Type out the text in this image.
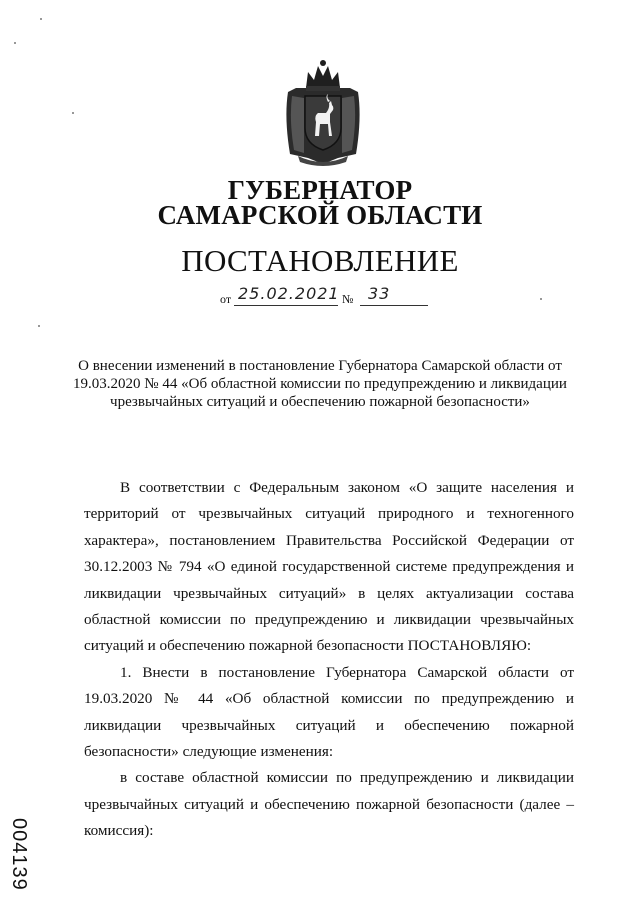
ГУБЕРНАТОР
САМАРСКОЙ ОБЛАСТИ
ПОСТАНОВЛЕНИЕ
от 25.02.2021 № 33
О внесении изменений в постановление Губернатора Самарской области от 19.03.2020 № 44 «Об областной комиссии по предупреждению и ликвидации чрезвычайных ситуаций и обеспечению пожарной безопасности»

В соответствии с Федеральным законом «О защите населения и территорий от чрезвычайных ситуаций природного и техногенного характера», постановлением Правительства Российской Федерации от 30.12.2003 № 794 «О единой государственной системе предупреждения и ликвидации чрезвычайных ситуаций» в целях актуализации состава областной комиссии по предупреждению и ликвидации чрезвычайных ситуаций и обеспечению пожарной безопасности ПОСТАНОВЛЯЮ:

1. Внести в постановление Губернатора Самарской области от 19.03.2020 № 44 «Об областной комиссии по предупреждению и ликвидации чрезвычайных ситуаций и обеспечению пожарной безопасности» следующие изменения:

в составе областной комиссии по предупреждению и ликвидации чрезвычайных ситуаций и обеспечению пожарной безопасности (далее – комиссия):

004139
